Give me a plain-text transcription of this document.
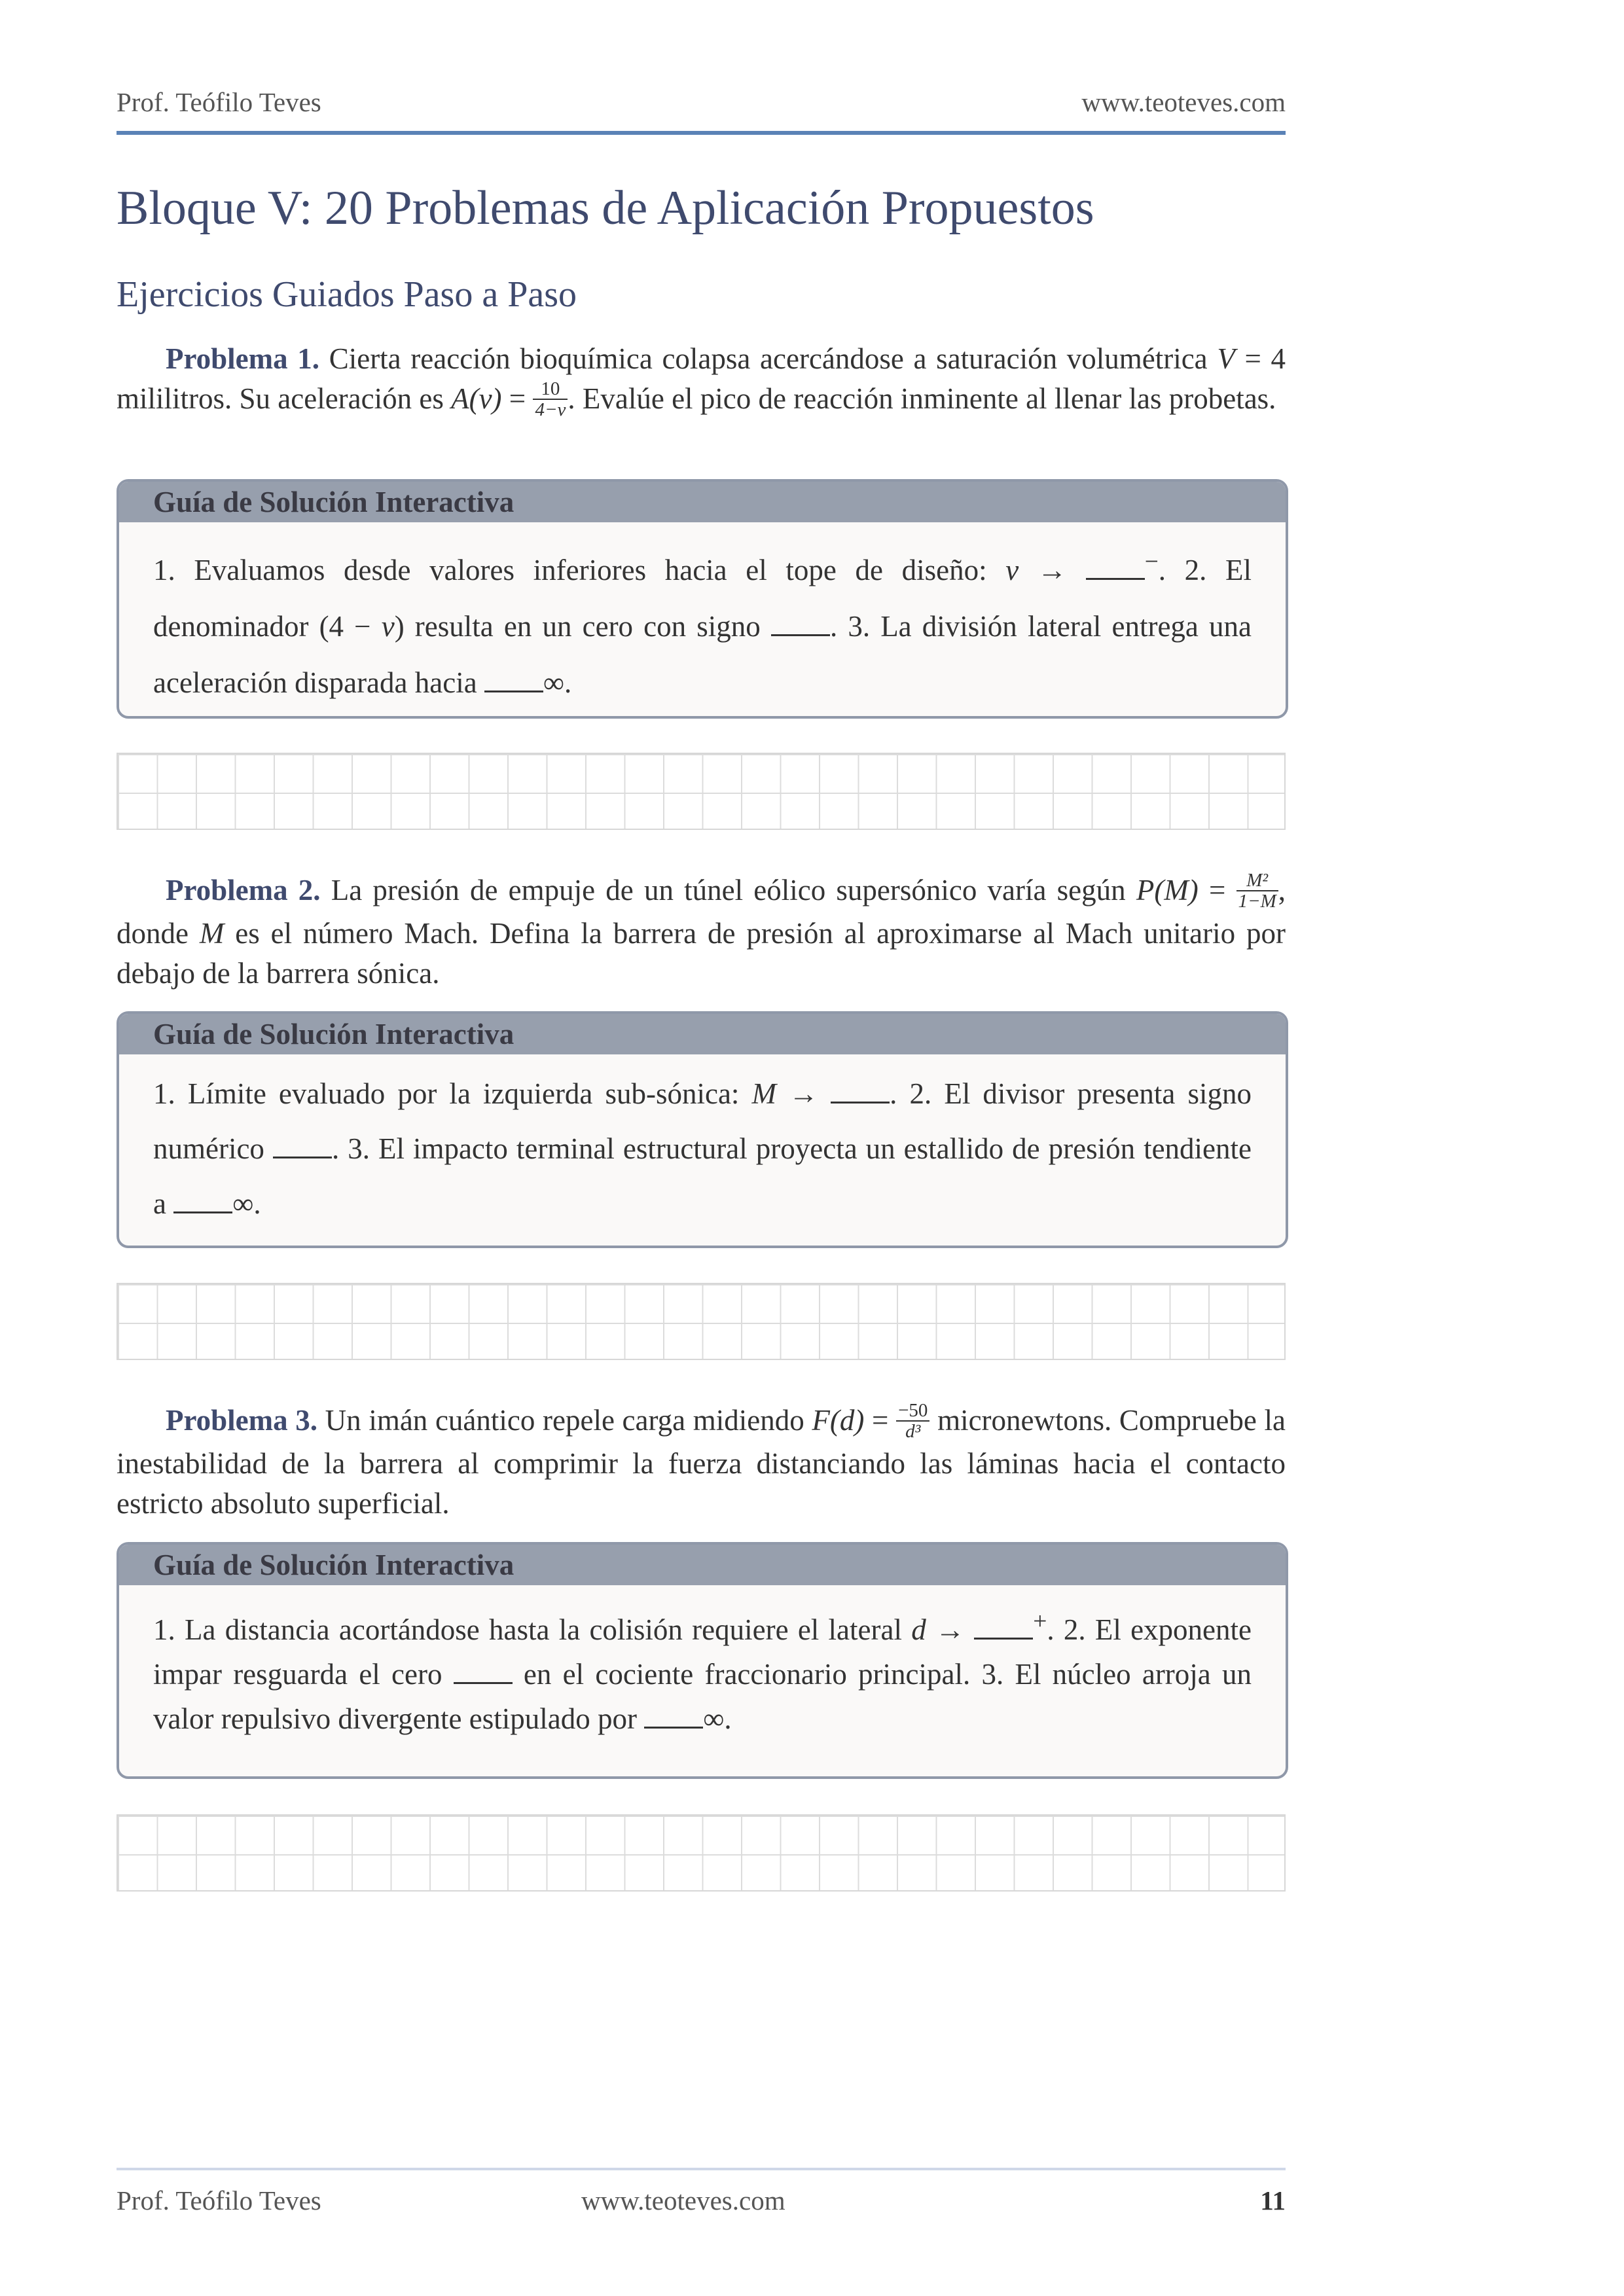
Prof. Teófilo Teves	www.teoteves.com
Bloque V: 20 Problemas de Aplicación Propuestos
Ejercicios Guiados Paso a Paso
Problema 1. Cierta reacción bioquímica colapsa acercándose a saturación volumétrica V = 4 mililitros. Su aceleración es $A(v) = \frac{10}{4-v}$ . Evalúe el pico de reacción inminente al llenar las probetas.
Guía de Solución Interactiva
1. Evaluamos desde valores inferiores hacia el tope de diseño: v → −. 2. El denominador (4 − v) resulta en un cero con signo . 3. La división lateral entrega una aceleración disparada hacia ∞.
Problema 2. La presión de empuje de un túnel eólico supersónico varía según $P(M) = \frac{\text{M²}}{1-M}$ , donde M es el número Mach. Defina la barrera de presión al aproximarse al Mach unitario por debajo de la barrera sónica.
Guía de Solución Interactiva
1. Límite evaluado por la izquierda sub-sónica: M → . 2. El divisor presenta signo numérico . 3. El impacto terminal estructural proyecta un estallido de presión tendiente a ∞.
Problema 3. Un imán cuántico repele carga midiendo $F(d) = \frac{-50}{\text{d³}}$ micronewtons. Compruebe la inestabilidad de la barrera al comprimir la fuerza distanciando las láminas hacia el contacto estricto absoluto superficial.
Guía de Solución Interactiva
1. La distancia acortándose hasta la colisión requiere el lateral d → +. 2. El exponente impar resguarda el cero  en el cociente fraccionario principal. 3. El núcleo arroja un valor repulsivo divergente estipulado por ∞.
Prof. Teófilo Teves	www.teoteves.com	11
